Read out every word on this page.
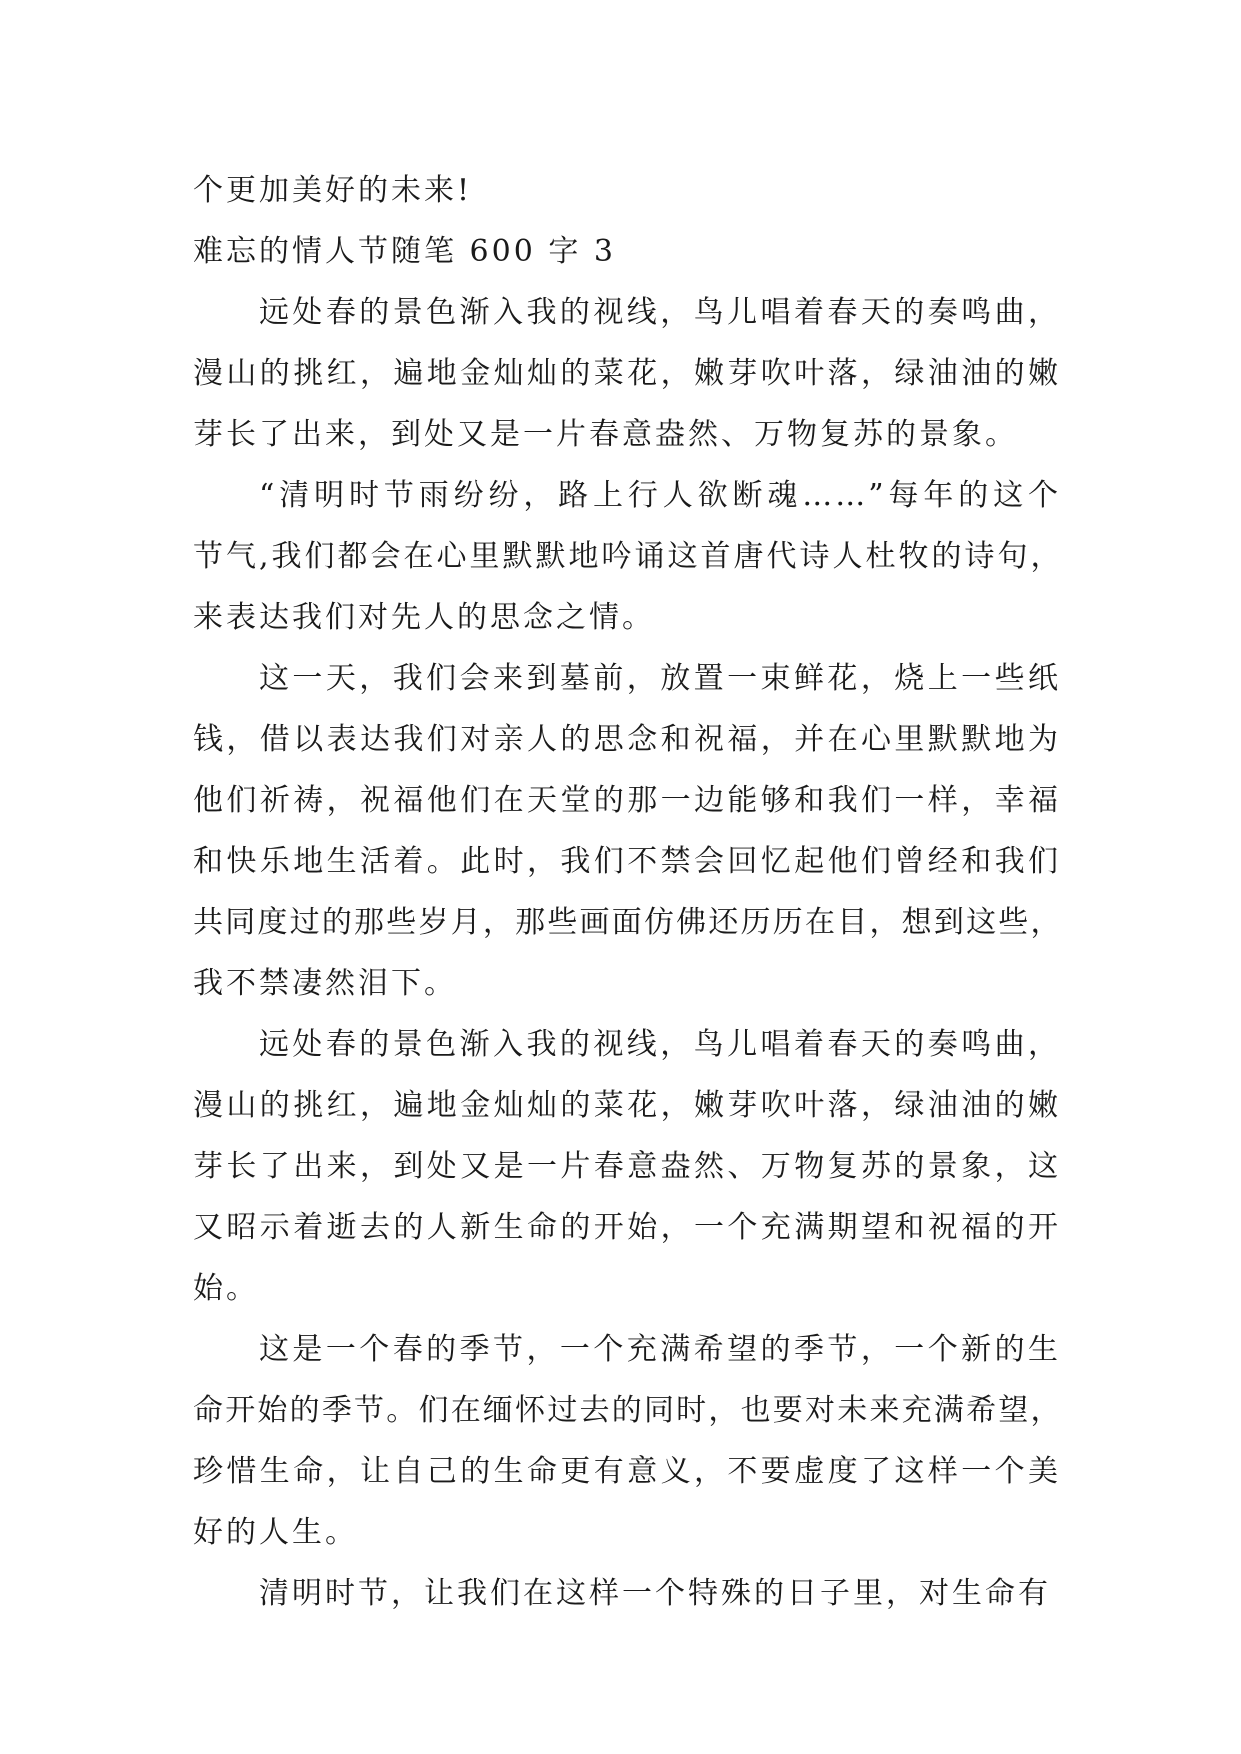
个更加美好的未来!
难忘的情人节随笔 600 字 3
远处春的景色渐入我的视线，鸟儿唱着春天的奏鸣曲，
漫山的挑红，遍地金灿灿的菜花，嫩芽吹叶落，绿油油的嫩
芽长了出来，到处又是一片春意盎然、万物复苏的景象。
“清明时节雨纷纷，路上行人欲断魂……”每年的这个
节气,我们都会在心里默默地吟诵这首唐代诗人杜牧的诗句，
来表达我们对先人的思念之情。
这一天，我们会来到墓前，放置一束鲜花，烧上一些纸
钱，借以表达我们对亲人的思念和祝福，并在心里默默地为
他们祈祷，祝福他们在天堂的那一边能够和我们一样，幸福
和快乐地生活着。此时，我们不禁会回忆起他们曾经和我们
共同度过的那些岁月，那些画面仿佛还历历在目，想到这些，
我不禁凄然泪下。
远处春的景色渐入我的视线，鸟儿唱着春天的奏鸣曲，
漫山的挑红，遍地金灿灿的菜花，嫩芽吹叶落，绿油油的嫩
芽长了出来，到处又是一片春意盎然、万物复苏的景象，这
又昭示着逝去的人新生命的开始，一个充满期望和祝福的开
始。
这是一个春的季节，一个充满希望的季节，一个新的生
命开始的季节。们在缅怀过去的同时，也要对未来充满希望，
珍惜生命，让自己的生命更有意义，不要虚度了这样一个美
好的人生。
清明时节，让我们在这样一个特殊的日子里，对生命有
